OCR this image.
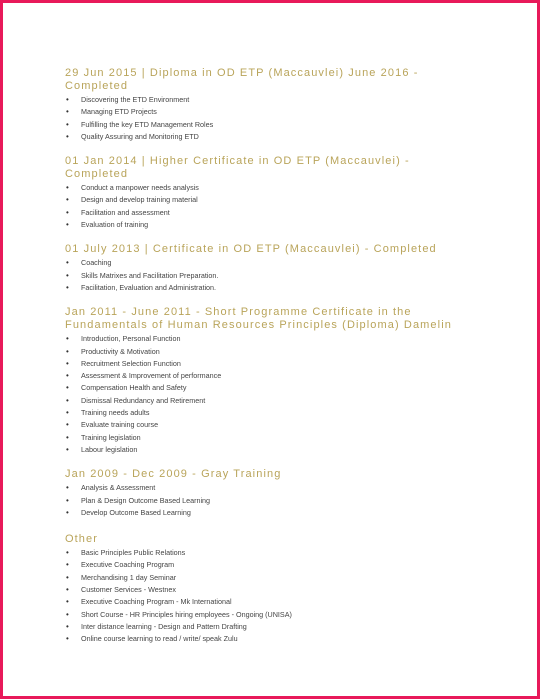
29 Jun 2015 | Diploma in OD ETP (Maccauvlei) June 2016 - Completed
• Discovering the ETD Environment
• Managing ETD Projects
• Fulfilling the key ETD Management Roles
• Quality Assuring and Monitoring ETD
01 Jan 2014 | Higher Certificate in OD ETP (Maccauvlei) - Completed
• Conduct a manpower needs analysis
• Design and develop training material
• Facilitation and assessment
• Evaluation of training
01 July 2013 | Certificate in OD ETP (Maccauvlei) - Completed
• Coaching
• Skills Matrixes and Facilitation Preparation.
• Facilitation, Evaluation and Administration.
Jan 2011 - June 2011 - Short Programme Certificate in the Fundamentals of Human Resources Principles (Diploma) Damelin
• Introduction, Personal Function
• Productivity & Motivation
• Recruitment Selection Function
• Assessment & Improvement of performance
• Compensation Health and Safety
• Dismissal Redundancy and Retirement
• Training needs adults
• Evaluate training course
• Training legislation
• Labour legislation
Jan 2009 - Dec 2009 - Gray Training
• Analysis & Assessment
• Plan & Design Outcome Based Learning
• Develop Outcome Based Learning
Other
• Basic Principles Public Relations
• Executive Coaching Program
• Merchandising 1 day Seminar
• Customer Services - Westnex
• Executive Coaching Program - Mk International
• Short Course - HR Principles hiring employees - Ongoing (UNISA)
• Inter distance learning - Design and Pattern Drafting
• Online course learning to read / write/ speak Zulu
